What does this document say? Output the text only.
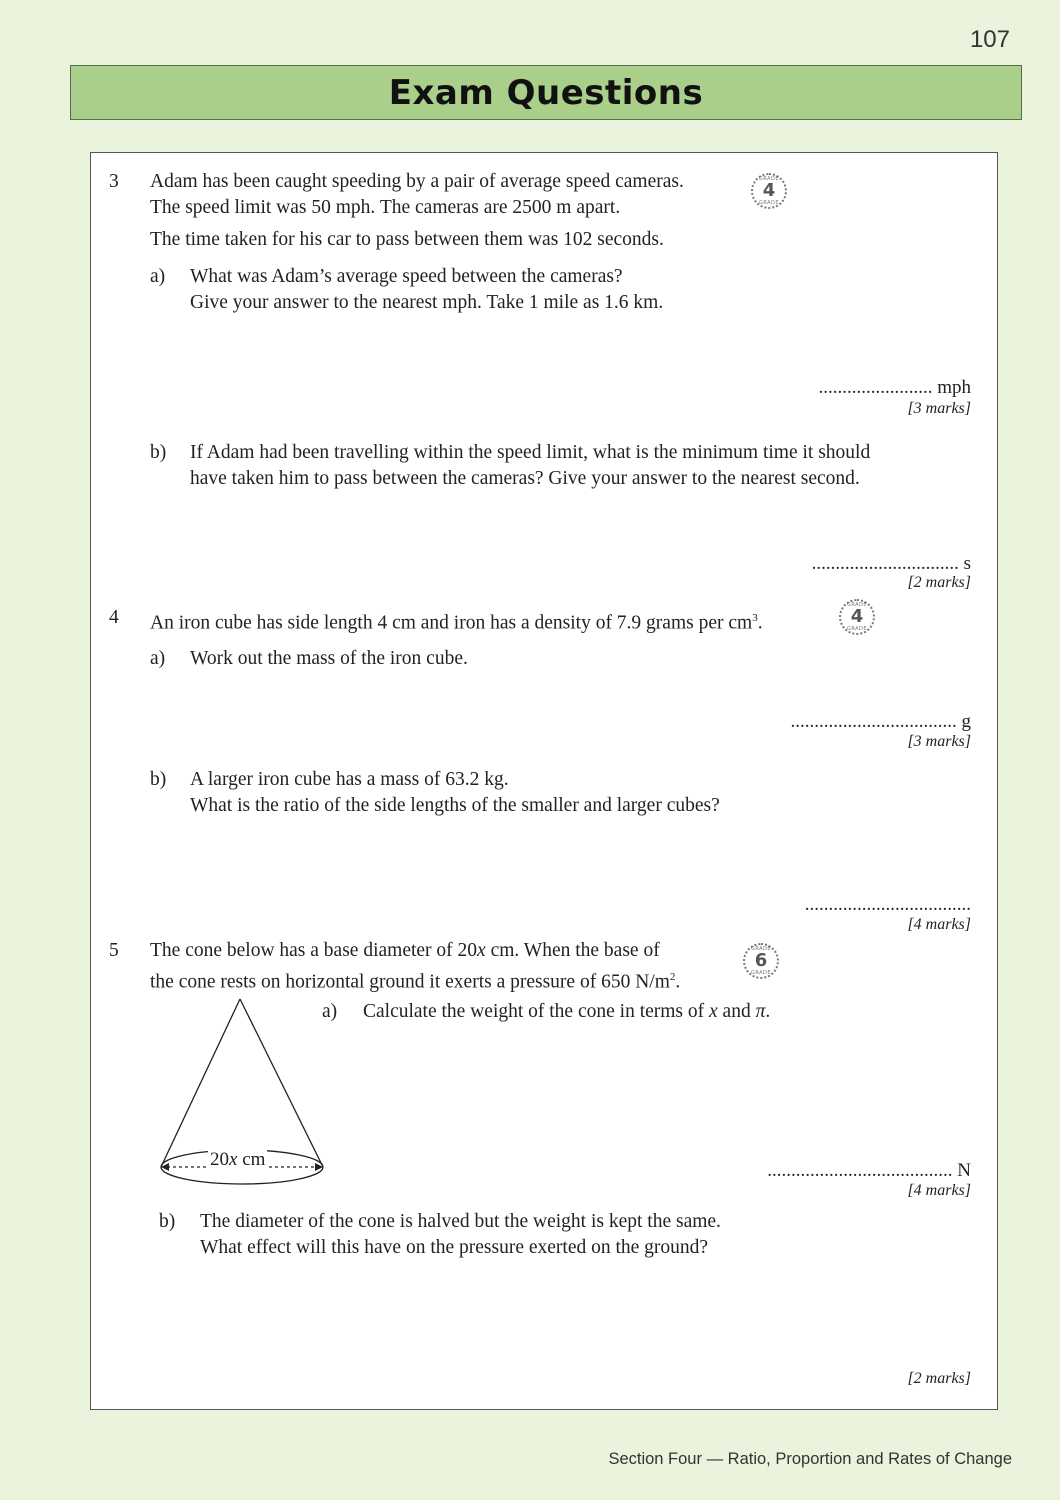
107
Exam Questions
3 Adam has been caught speeding by a pair of average speed cameras.
The speed limit was 50 mph. The cameras are 2500 m apart.
The time taken for his car to pass between them was 102 seconds.
GRADE
4
GRADE
a) What was Adam’s average speed between the cameras?
Give your answer to the nearest mph. Take 1 mile as 1.6 km.
........................ mph
[3 marks]
b) If Adam had been travelling within the speed limit, what is the minimum time it should
have taken him to pass between the cameras? Give your answer to the nearest second.
............................... s
[2 marks]
4 An iron cube has side length 4 cm and iron has a density of 7.9 grams per $cm^3$.
GRADE
4
GRADE
a) Work out the mass of the iron cube.
................................... g
[3 marks]
b) A larger iron cube has a mass of 63.2 kg.
What is the ratio of the side lengths of the smaller and larger cubes?
...................................
[4 marks]
5 The cone below has a base diameter of 20x cm. When the base of
the cone rests on horizontal ground it exerts a pressure of 650 $N/m^2$.
GRADE
6
GRADE
20x cm
a) Calculate the weight of the cone in terms of x and π.
....................................... N
[4 marks]
b) The diameter of the cone is halved but the weight is kept the same.
What effect will this have on the pressure exerted on the ground?
[2 marks]
Section Four — Ratio, Proportion and Rates of Change
